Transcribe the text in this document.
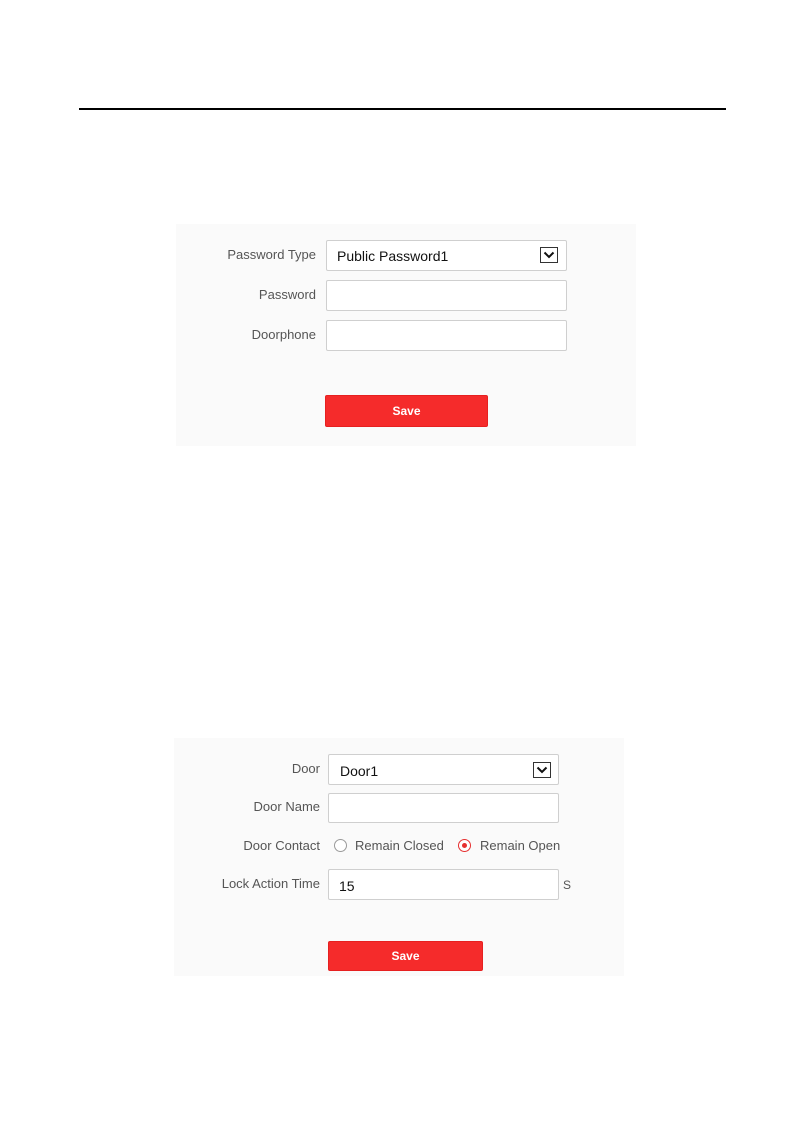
Password Type Public Password1
Password
Doorphone
Save
Door Door1
Door Name
Door Contact	Remain Closed	Remain Open
Lock Action Time 15	S
Save
